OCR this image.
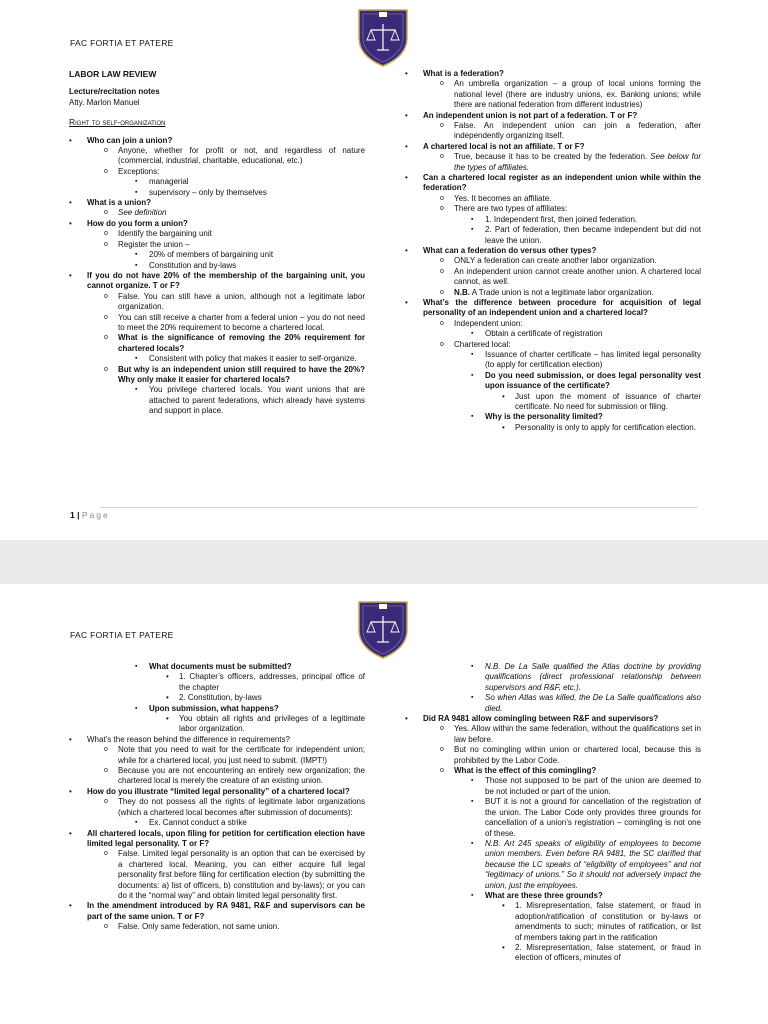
FAC FORTIA ET PATERE
LABOR LAW REVIEW
Lecture/recitation notes
Atty. Marlon Manuel
Right to self-organization
• Who can join a union?
o Anyone, whether for profit or not, and regardless of nature (commercial, industrial, charitable, educational, etc.)
o Exceptions:
▪ managerial
▪ supervisory – only by themselves
• What is a union?
o See definition
• How do you form a union?
o Identify the bargaining unit
o Register the union –
▪ 20% of members of bargaining unit
▪ Constitution and by-laws
• If you do not have 20% of the membership of the bargaining unit, you cannot organize. T or F?
o False. You can still have a union, although not a legitimate labor organization.
o You can still receive a charter from a federal union – you do not need to meet the 20% requirement to become a chartered local.
o What is the significance of removing the 20% requirement for chartered locals?
▪ Consistent with policy that makes it easier to self-organize.
o But why is an independent union still required to have the 20%? Why only make it easier for chartered locals?
▪ You privilege chartered locals. You want unions that are attached to parent federations, which already have systems and support in place.
• What is a federation?
o An umbrella organization – a group of local unions forming the national level (there are industry unions, ex. Banking unions; while there are national federation from different industries)
• An independent union is not part of a federation. T or F?
o False. An independent union can join a federation, after independently organizing itself.
• A chartered local is not an affiliate. T or F?
o True, because it has to be created by the federation. See below for the types of affiliates.
• Can a chartered local register as an independent union while within the federation?
o Yes. It becomes an affiliate.
o There are two types of affiliates:
▪ 1. Independent first, then joined federation.
▪ 2. Part of federation, then became independent but did not leave the union.
• What can a federation do versus other types?
o ONLY a federation can create another labor organization.
o An independent union cannot create another union. A chartered local cannot, as well.
o N.B. A Trade union is not a legitimate labor organization.
• What’s the difference between procedure for acquisition of legal personality of an independent union and a chartered local?
o Independent union:
▪ Obtain a certificate of registration
o Chartered local:
▪ Issuance of charter certificate – has limited legal personality (to apply for certification election)
▪ Do you need submission, or does legal personality vest upon issuance of the certificate?
• Just upon the moment of issuance of charter certificate. No need for submission or filing.
▪ Why is the personality limited?
• Personality is only to apply for certification election.
1 | Page
FAC FORTIA ET PATERE
▪ What documents must be submitted?
• 1. Chapter’s officers, addresses, principal office of the chapter
• 2. Constitution, by-laws
▪ Upon submission, what happens?
• You obtain all rights and privileges of a legitimate labor organization.
• What’s the reason behind the difference in requirements?
o Note that you need to wait for the certificate for independent union; while for a chartered local, you just need to submit. (IMPT!)
o Because you are not encountering an entirely new organization; the chartered local is merely the creature of an existing union.
• How do you illustrate “limited legal personality” of a chartered local?
o They do not possess all the rights of legitimate labor organizations (which a chartered local becomes after submission of documents):
▪ Ex. Cannot conduct a strike
• All chartered locals, upon filing for petition for certification election have limited legal personality. T or F?
o False. Limited legal personality is an option that can be exercised by a chartered local. Meaning, you can either acquire full legal personality first before filing for certification election (by submitting the documents: a) list of officers, b) constitution and by-laws); or you can do it the “normal way” and obtain limited legal personality first.
• In the amendment introduced by RA 9481, R&F and supervisors can be part of the same union. T or F?
o False. Only same federation, not same union.
▪ N.B. De La Salle qualified the Atlas doctrine by providing qualifications (direct professional relationship between supervisors and R&F, etc.).
▪ So when Atlas was killed, the De La Salle qualifications also died.
• Did RA 9481 allow comingling between R&F and supervisors?
o Yes. Allow within the same federation, without the qualifications set in law before.
o But no comingling within union or chartered local, because this is prohibited by the Labor Code.
o What is the effect of this comingling?
▪ Those not supposed to be part of the union are deemed to be not included or part of the union.
▪ BUT it is not a ground for cancellation of the registration of the union. The Labor Code only provides three grounds for cancellation of a union’s registration – comingling is not one of these.
▪ N.B. Art 245 speaks of eligibility of employees to become union members. Even before RA 9481, the SC clarified that because the LC speaks of “eligibility of employees” and not “legitimacy of unions.” So it should not adversely impact the union, just the employees.
▪ What are these three grounds?
• 1. Misrepresentation, false statement, or fraud in adoption/ratification of constitution or by-laws or amendments to such; minutes of ratification, or list of members taking part in the ratification
• 2. Misrepresentation, false statement, or fraud in election of officers, minutes of
